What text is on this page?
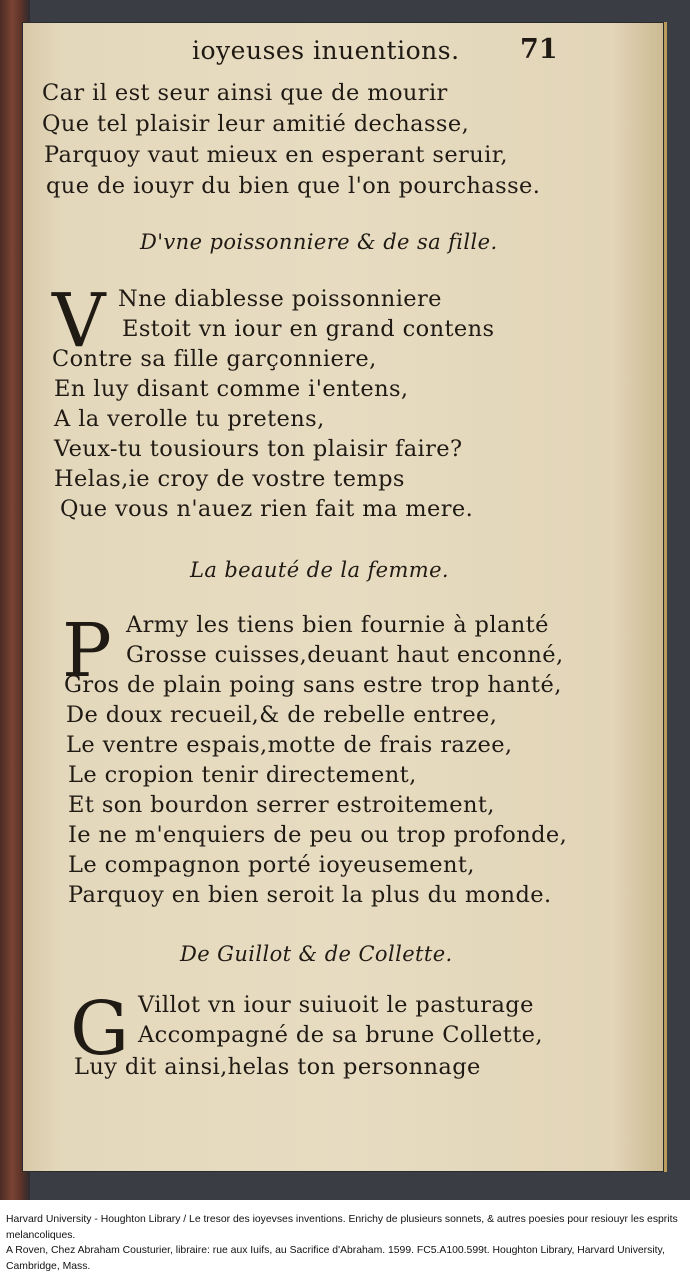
ioyeuses inuentions. 71
Car il est seur ainsi que de mourir
Que tel plaisir leur amitié dechasse,
Parquoy vaut mieux en esperant seruir,
que de iouyr du bien que l'on pourchasse.
D'vne poissonniere & de sa fille.
V Nne diablesse poissonniere
Estoit vn iour en grand contens
Contre sa fille garçonniere,
En luy disant comme i'entens,
A la verolle tu pretens,
Veux-tu tousiours ton plaisir faire?
Helas,ie croy de vostre temps
Que vous n'auez rien fait ma mere.
La beauté de la femme.
P Army les tiens bien fournie à planté
Grosse cuisses,deuant haut enconné,
Gros de plain poing sans estre trop hanté,
De doux recueil,& de rebelle entree,
Le ventre espais,motte de frais razee,
Le cropion tenir directement,
Et son bourdon serrer estroitement,
Ie ne m'enquiers de peu ou trop profonde,
Le compagnon porté ioyeusement,
Parquoy en bien seroit la plus du monde.
De Guillot & de Collette.
G Villot vn iour suiuoit le pasturage
Accompagné de sa brune Collette,
Luy dit ainsi,helas ton personnage
Harvard University - Houghton Library / Le tresor des ioyevses inventions. Enrichy de plusieurs sonnets, & autres poesies pour resiouyr les esprits melancoliques.
A Roven, Chez Abraham Cousturier, libraire: rue aux Iuifs, au Sacrifice d'Abraham. 1599. FC5.A100.599t. Houghton Library, Harvard University, Cambridge, Mass.
